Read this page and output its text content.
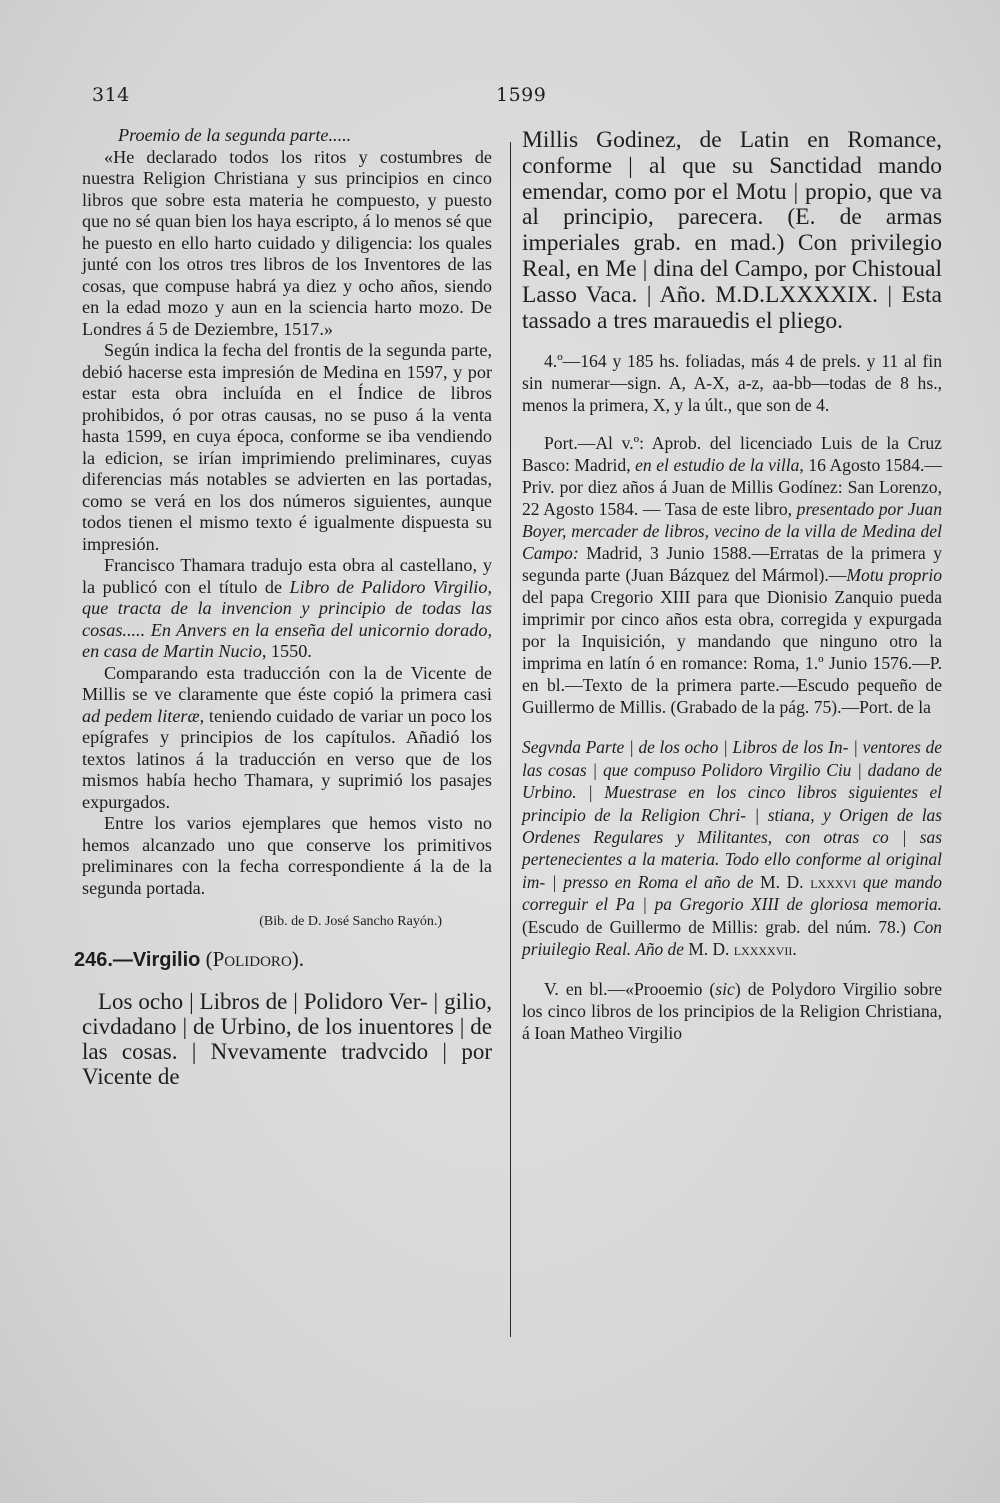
314	1599

Proemio de la segunda parte.....

«He declarado todos los ritos y costumbres de nuestra Religion Christiana y sus principios en cinco libros que sobre esta materia he compuesto, y puesto que no sé quan bien los haya escripto, á lo menos sé que he puesto en ello harto cuidado y diligencia: los quales junté con los otros tres libros de los Inventores de las cosas, que compuse habrá ya diez y ocho años, siendo en la edad mozo y aun en la sciencia harto mozo. De Londres á 5 de Deziembre, 1517.»

Según indica la fecha del frontis de la segunda parte, debió hacerse esta impresión de Medina en 1597, y por estar esta obra incluída en el Índice de libros prohibidos, ó por otras causas, no se puso á la venta hasta 1599, en cuya época, conforme se iba vendiendo la edicion, se irían imprimiendo preliminares, cuyas diferencias más notables se advierten en las portadas, como se verá en los dos números siguientes, aunque todos tienen el mismo texto é igualmente dispuesta su impresión.

Francisco Thamara tradujo esta obra al castellano, y la publicó con el título de Libro de Palidoro Virgilio, que tracta de la invencion y principio de todas las cosas..... En Anvers en la enseña del unicornio dorado, en casa de Martin Nucio, 1550.

Comparando esta traducción con la de Vicente de Millis se ve claramente que éste copió la primera casi ad pedem literæ, teniendo cuidado de variar un poco los epígrafes y principios de los capítulos. Añadió los textos latinos á la traducción en verso que de los mismos había hecho Thamara, y suprimió los pasajes expurgados.

Entre los varios ejemplares que hemos visto no hemos alcanzado uno que conserve los primitivos preliminares con la fecha correspondiente á la de la segunda portada.

(Bib. de D. José Sancho Rayón.)

246.—Virgilio (Polidoro).

Los ocho | Libros de | Polidoro Ver- | gilio, civdadano | de Urbino, de los inuentores | de las cosas. | Nvevamente tradvcido | por Vicente de

Millis Godinez, de Latin en Romance, conforme | al que su Sanctidad mando emendar, como por el Motu | propio, que va al principio, parecera. (E. de armas imperiales grab. en mad.) Con privilegio Real, en Me | dina del Campo, por Chistoual Lasso Vaca. | Año. M.D.LXXXXIX. | Esta tassado a tres marauedis el pliego.

4.º—164 y 185 hs. foliadas, más 4 de prels. y 11 al fin sin numerar—sign. A, A-X, a-z, aa-bb—todas de 8 hs., menos la primera, X, y la últ., que son de 4.

Port.—Al v.º: Aprob. del licenciado Luis de la Cruz Basco: Madrid, en el estudio de la villa, 16 Agosto 1584.—Priv. por diez años á Juan de Millis Godínez: San Lorenzo, 22 Agosto 1584. — Tasa de este libro, presentado por Juan Boyer, mercader de libros, vecino de la villa de Medina del Campo: Madrid, 3 Junio 1588.—Erratas de la primera y segunda parte (Juan Bázquez del Mármol).—Motu proprio del papa Cregorio XIII para que Dionisio Zanquio pueda imprimir por cinco años esta obra, corregida y expurgada por la Inquisición, y mandando que ninguno otro la imprima en latín ó en romance: Roma, 1.º Junio 1576.—P. en bl.—Texto de la primera parte.—Escudo pequeño de Guillermo de Millis. (Grabado de la pág. 75).—Port. de la

Segvnda Parte | de los ocho | Libros de los In- | ventores de las cosas | que compuso Polidoro Virgilio Ciu | dadano de Urbino. | Muestrase en los cinco libros siguientes el principio de la Religion Chri- | stiana, y Origen de las Ordenes Regulares y Militantes, con otras co | sas pertenecientes a la materia. Todo ello conforme al original im- | presso en Roma el año de M. D. lxxxvi que mando correguir el Pa | pa Gregorio XIII de gloriosa memoria. (Escudo de Guillermo de Millis: grab. del núm. 78.) Con priuilegio Real. Año de M. D. lxxxxvii.

V. en bl.—«Prooemio (sic) de Polydoro Virgilio sobre los cinco libros de los principios de la Religion Christiana, á Ioan Matheo Virgilio
